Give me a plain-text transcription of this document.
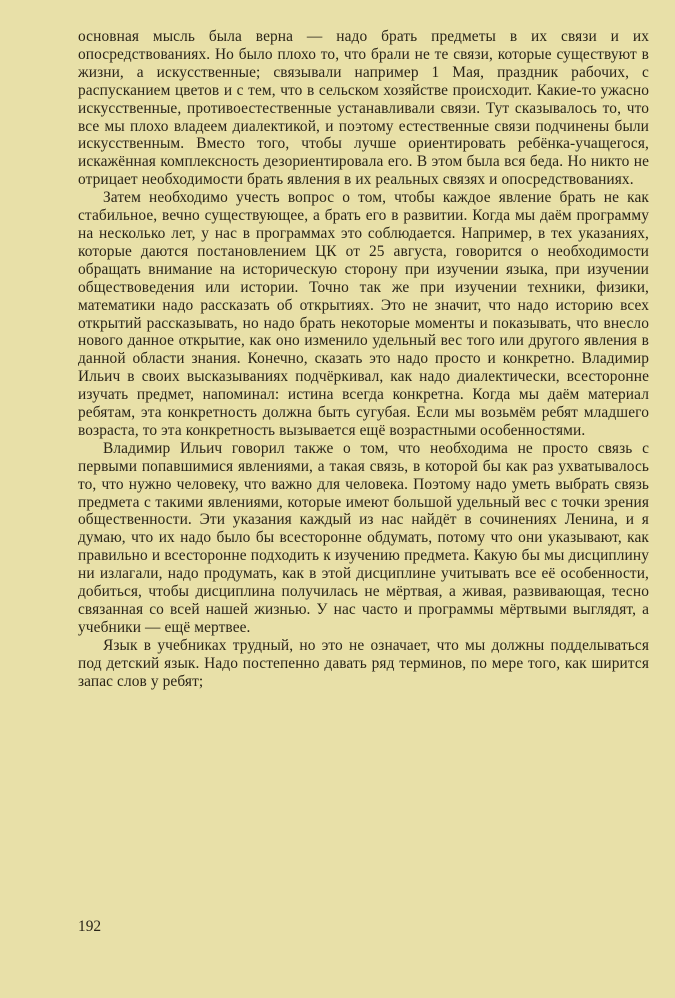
основная мысль была верна — надо брать предметы в их связи и их опосредствованиях. Но было плохо то, что брали не те связи, которые существуют в жизни, а искусственные; связывали например 1 Мая, праздник рабочих, с распусканием цветов и с тем, что в сельском хозяйстве происходит. Какие-то ужасно искусственные, противоестественные устанавливали связи. Тут сказывалось то, что все мы плохо владеем диалектикой, и поэтому естественные связи подчинены были искусственным. Вместо того, чтобы лучше ориентировать ребёнка-учащегося, искажённая комплексность дезориентировала его. В этом была вся беда. Но никто не отрицает необходимости брать явления в их реальных связях и опосредствованиях.

Затем необходимо учесть вопрос о том, чтобы каждое явление брать не как стабильное, вечно существующее, а брать его в развитии. Когда мы даём программу на несколько лет, у нас в программах это соблюдается. Например, в тех указаниях, которые даются постановлением ЦК от 25 августа, говорится о необходимости обращать внимание на историческую сторону при изучении языка, при изучении обществоведения или истории. Точно так же при изучении техники, физики, математики надо рассказать об открытиях. Это не значит, что надо историю всех открытий рассказывать, но надо брать некоторые моменты и показывать, что внесло нового данное открытие, как оно изменило удельный вес того или другого явления в данной области знания. Конечно, сказать это надо просто и конкретно. Владимир Ильич в своих высказываниях подчёркивал, как надо диалектически, всесторонне изучать предмет, напоминал: истина всегда конкретна. Когда мы даём материал ребятам, эта конкретность должна быть сугубая. Если мы возьмём ребят младшего возраста, то эта конкретность вызывается ещё возрастными особенностями.

Владимир Ильич говорил также о том, что необходима не просто связь с первыми попавшимися явлениями, а такая связь, в которой бы как раз ухватывалось то, что нужно человеку, что важно для человека. Поэтому надо уметь выбрать связь предмета с такими явлениями, которые имеют большой удельный вес с точки зрения общественности. Эти указания каждый из нас найдёт в сочинениях Ленина, и я думаю, что их надо было бы всесторонне обдумать, потому что они указывают, как правильно и всесторонне подходить к изучению предмета. Какую бы мы дисциплину ни излагали, надо продумать, как в этой дисциплине учитывать все её особенности, добиться, чтобы дисциплина получилась не мёртвая, а живая, развивающая, тесно связанная со всей нашей жизнью. У нас часто и программы мёртвыми выглядят, а учебники — ещё мертвее.

Язык в учебниках трудный, но это не означает, что мы должны подделываться под детский язык. Надо постепенно давать ряд терминов, по мере того, как ширится запас слов у ребят;

192
